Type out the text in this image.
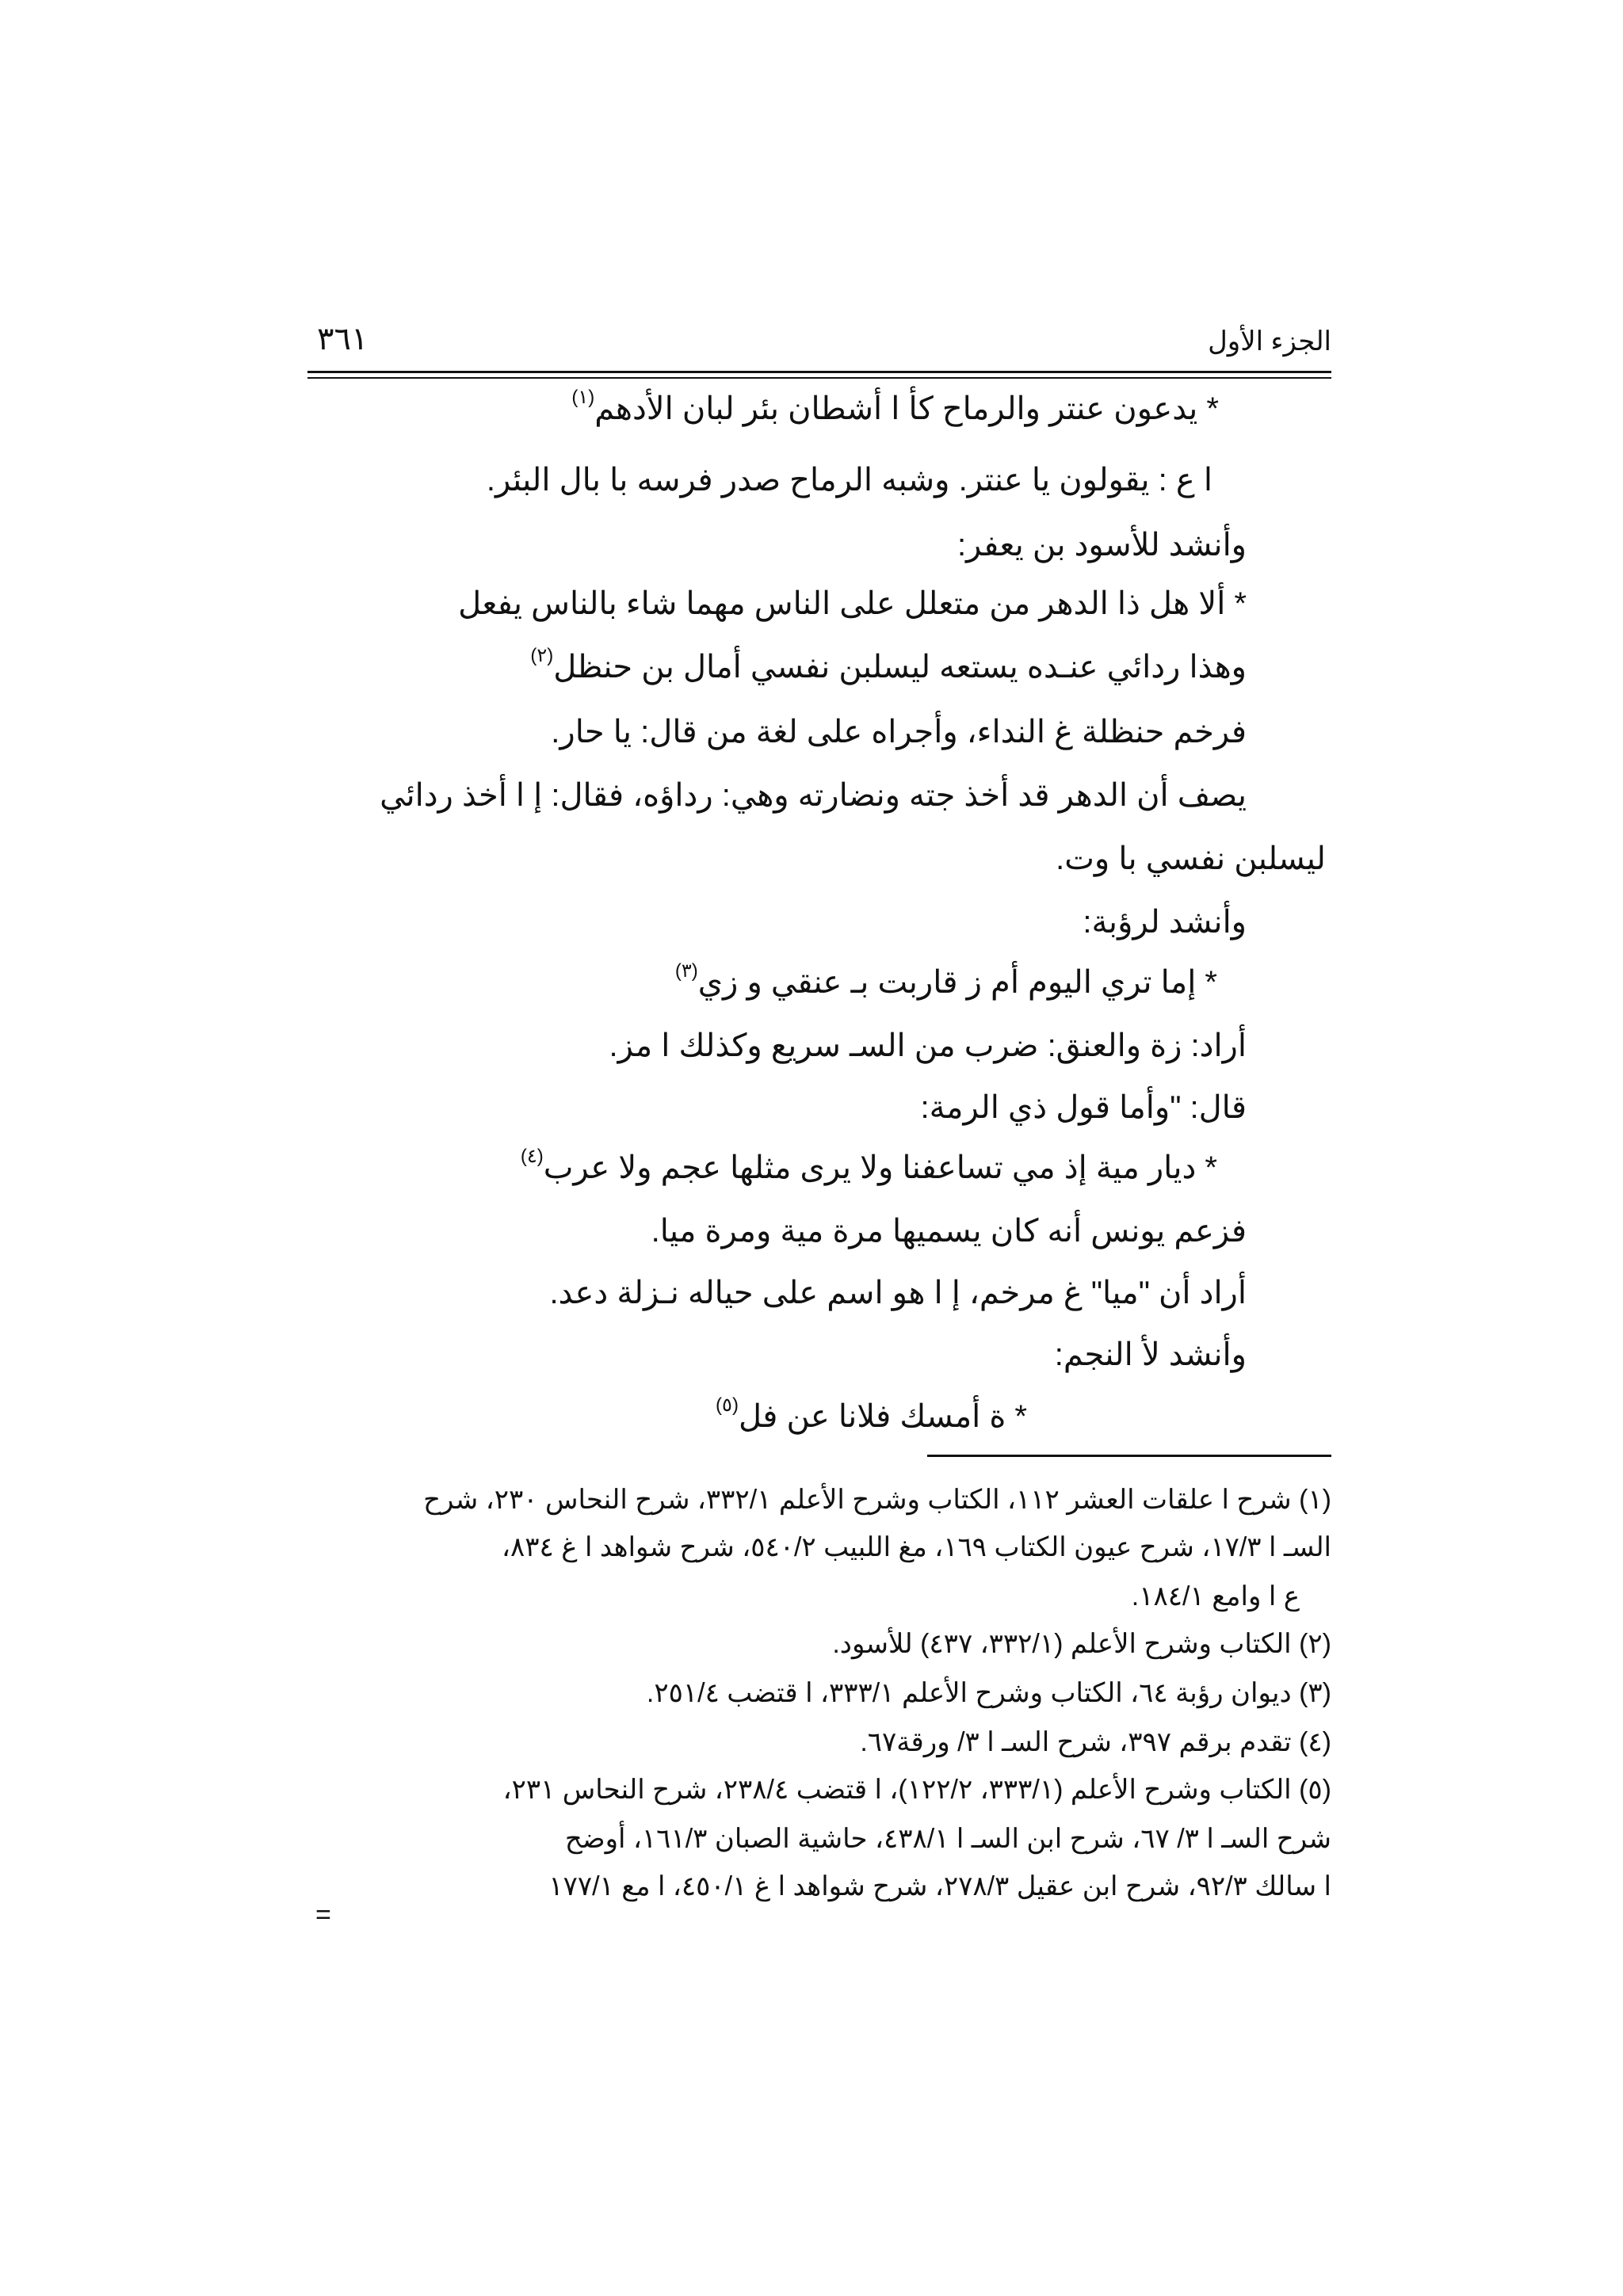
الجزء الأول
٣٦١
* يدعون عنتر والرماح كأ ا أشطان بئر لبان الأدهم$^{(١)}$
ا ع : يقولون يا عنتر. وشبه الرماح صدر فرسه با بال البئر.
وأنشد للأسود بن يعفر:
* ألا هل ذا الدهر من متعلل على الناس مهما شاء بالناس يفعل
وهذا ردائي عنـده يستعه ليسلبن نفسي أمال بن حنظل$^{(٢)}$
فرخم حنظلة غ النداء، وأجراه على لغة من قال: يا حار.
يصف أن الدهر قد أخذ جته ونضارته وهي: رداؤه، فقال: إ ا أخذ ردائي
ليسلبن نفسي با وت.
وأنشد لرؤبة:
* إما تري اليوم أم ز قاربت بـ عنقي و زي$^{(٣)}$
أراد: زة والعنق: ضرب من السـ سريع وكذلك ا مز.
قال: "وأما قول ذي الرمة:
* ديار مية إذ مي تساعفنا ولا يرى مثلها عجم ولا عرب$^{(٤)}$
فزعم يونس أنه كان يسميها مرة مية ومرة ميا.
أراد أن "ميا" غ مرخم، إ ا هو اسم على حياله نـزلة دعد.
وأنشد لأ النجم:
* ة أمسك فلانا عن فل$^{(٥)}$
(١) شرح ا علقات العشر ١١٢، الكتاب وشرح الأعلم ٣٣٢/١، شرح النحاس ٢٣٠، شرح
السـ ا ١٧/٣، شرح عيون الكتاب ١٦٩، مغ اللبيب ٥٤٠/٢، شرح شواهد ا غ ٨٣٤،
ع ا وامع ١٨٤/١.
(٢) الكتاب وشرح الأعلم (٣٣٢/١، ٤٣٧) للأسود.
(٣) ديوان رؤبة ٦٤، الكتاب وشرح الأعلم ٣٣٣/١، ا قتضب ٢٥١/٤.
(٤) تقدم برقم ٣٩٧، شرح السـ ا ٣/ ورقة٦٧.
(٥) الكتاب وشرح الأعلم (٣٣٣/١، ١٢٢/٢)، ا قتضب ٢٣٨/٤، شرح النحاس ٢٣١،
شرح السـ ا ٣/ ٦٧، شرح ابن السـ ا ٤٣٨/١، حاشية الصبان ١٦١/٣، أوضح
ا سالك ٩٢/٣، شرح ابن عقيل ٢٧٨/٣، شرح شواهد ا غ ٤٥٠/١، ا مع ١٧٧/١
=
